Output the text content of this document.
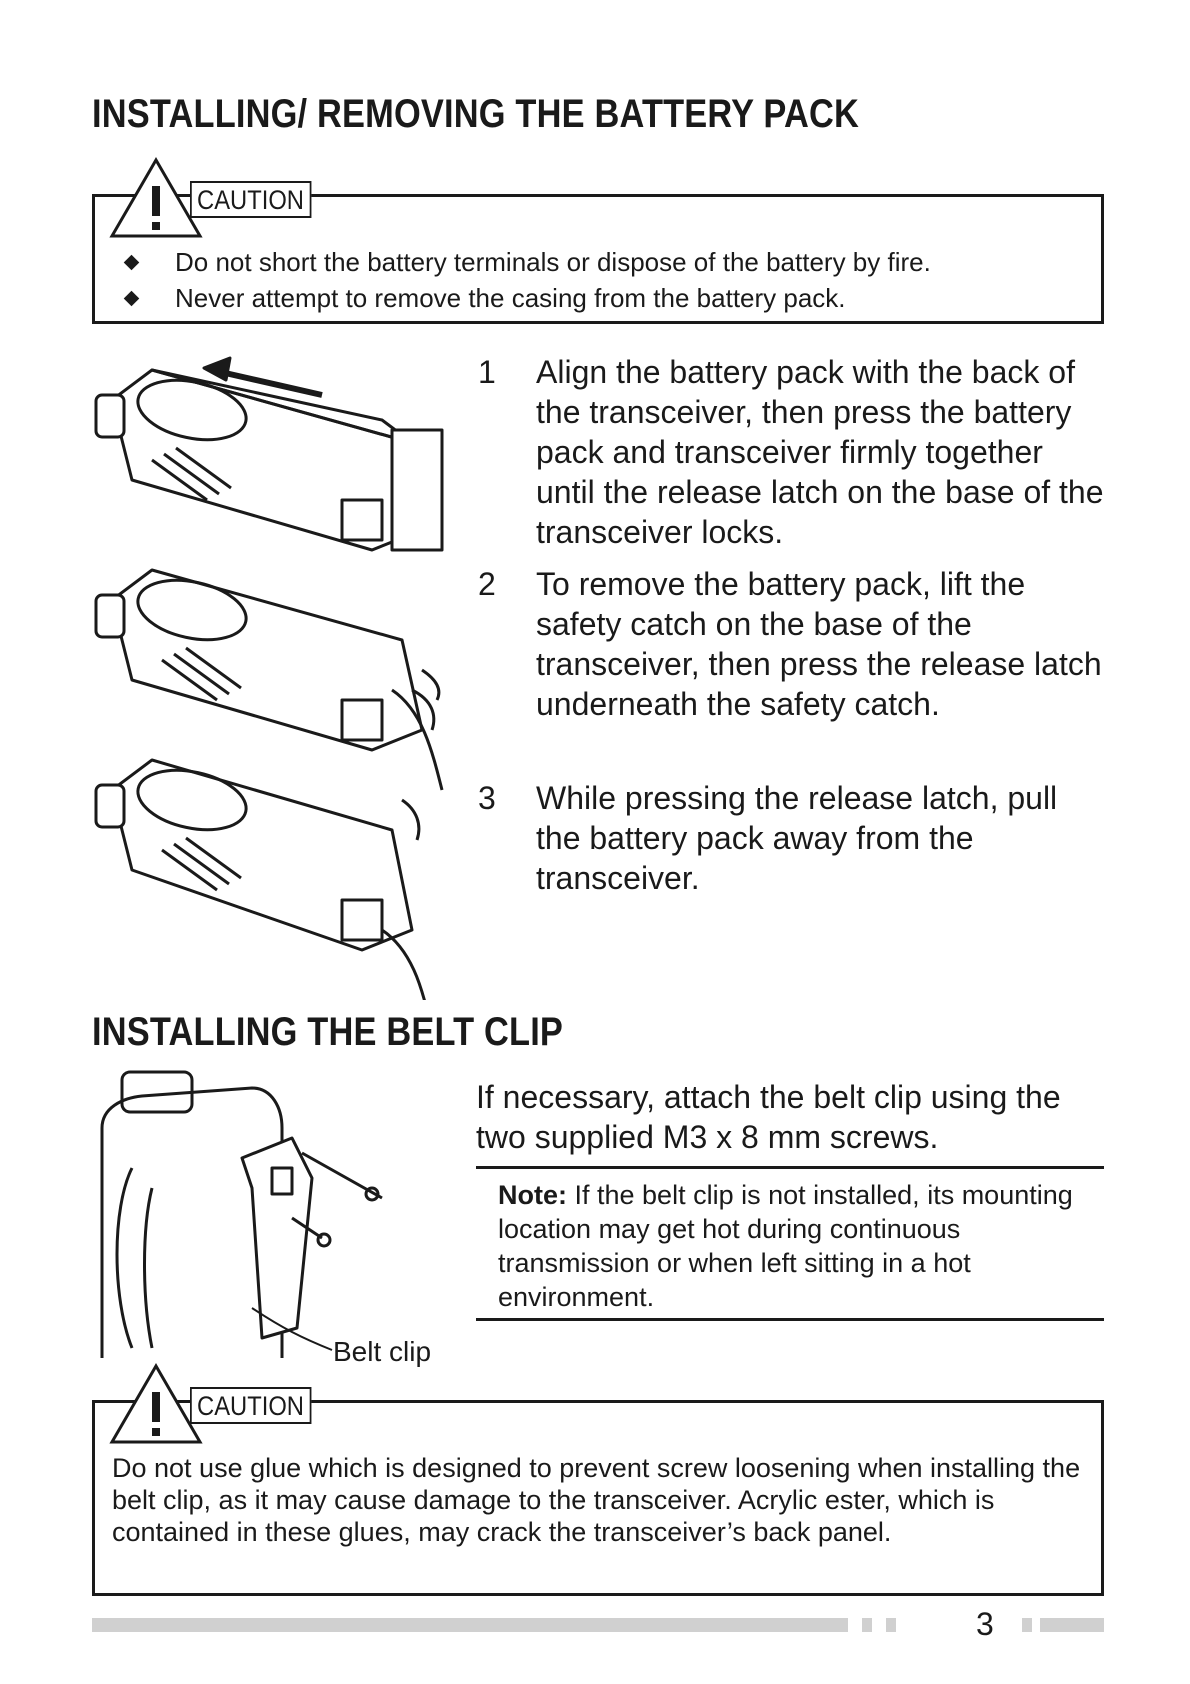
INSTALLING/ REMOVING THE BATTERY PACK
CAUTION
Do not short the battery terminals or dispose of the battery by fire.
Never attempt to remove the casing from the battery pack.
1	Align the battery pack with the back of the transceiver, then press the battery pack and transceiver firmly together until the release latch on the base of the transceiver locks.
2	To remove the battery pack, lift the safety catch on the base of the transceiver, then press the release latch underneath the safety catch.
3	While pressing the release latch, pull the battery pack away from the transceiver.
INSTALLING THE BELT CLIP
Belt clip
If necessary, attach the belt clip using the two supplied M3 x 8 mm screws.
Note: If the belt clip is not installed, its mounting location may get hot during continuous transmission or when left sitting in a hot environment.
CAUTION
Do not use glue which is designed to prevent screw loosening when installing the belt clip, as it may cause damage to the transceiver. Acrylic ester, which is contained in these glues, may crack the transceiver’s back panel.
3
